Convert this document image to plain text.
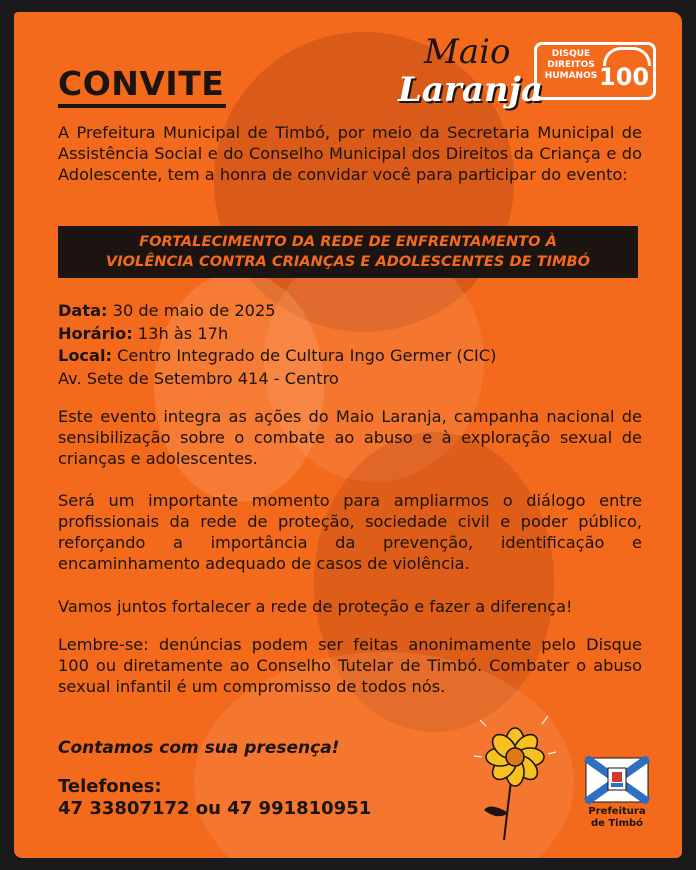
CONVITE
Maio
Laranja
DISQUE
DIREITOS
HUMANOS 100
A Prefeitura Municipal de Timbó, por meio da Secretaria Municipal de Assistência Social e do Conselho Municipal dos Direitos da Criança e do Adolescente, tem a honra de convidar você para participar do evento:
FORTALECIMENTO DA REDE DE ENFRENTAMENTO À
VIOLÊNCIA CONTRA CRIANÇAS E ADOLESCENTES DE TIMBÓ
Data: 30 de maio de 2025
Horário: 13h às 17h
Local: Centro Integrado de Cultura Ingo Germer (CIC)
Av. Sete de Setembro 414 - Centro
Este evento integra as ações do Maio Laranja, campanha nacional de sensibilização sobre o combate ao abuso e à exploração sexual de crianças e adolescentes.
Será um importante momento para ampliarmos o diálogo entre profissionais da rede de proteção, sociedade civil e poder público, reforçando a importância da prevenção, identificação e encaminhamento adequado de casos de violência.
Vamos juntos fortalecer a rede de proteção e fazer a diferença!
Lembre-se: denúncias podem ser feitas anonimamente pelo Disque 100 ou diretamente ao Conselho Tutelar de Timbó. Combater o abuso sexual infantil é um compromisso de todos nós.
Contamos com sua presença!
Telefones:
47 33807172 ou 47 991810951	Prefeitura
de Timbó
